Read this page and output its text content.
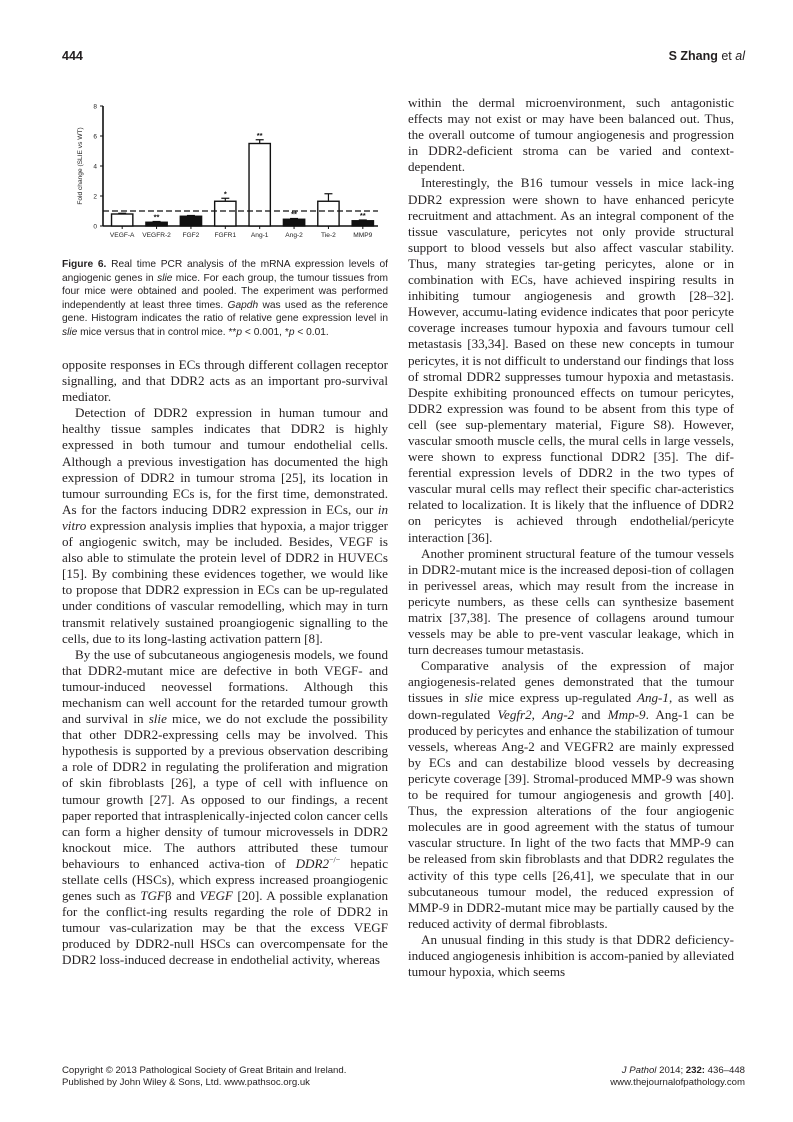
444	S Zhang et al
0
2
4
6
8
Fold change (SLIE vs WT)
VEGF-A VEGFR-2
**
FGF2 FGFR1
*
Ang-1
**
Ang-2
**
Tie-2	MMP9
**
Figure 6. Real time PCR analysis of the mRNA expression levels of angiogenic genes in slie mice. For each group, the tumour tissues from four mice were obtained and pooled. The experiment was performed independently at least three times. Gapdh was used as the reference gene. Histogram indicates the ratio of relative gene expression level in slie mice versus that in control mice. **p < 0.001, *p < 0.01.

opposite responses in ECs through different collagen receptor signalling, and that DDR2 acts as an important pro-survival mediator.

Detection of DDR2 expression in human tumour and healthy tissue samples indicates that DDR2 is highly expressed in both tumour and tumour endothelial cells. Although a previous investigation has documented the high expression of DDR2 in tumour stroma [25], its location in tumour surrounding ECs is, for the first time, demonstrated. As for the factors inducing DDR2 expression in ECs, our in vitro expression analysis implies that hypoxia, a major trigger of angiogenic switch, may be included. Besides, VEGF is also able to stimulate the protein level of DDR2 in HUVECs [15]. By combining these evidences together, we would like to propose that DDR2 expression in ECs can be up-regulated under conditions of vascular remodelling, which may in turn transmit relatively sustained proangiogenic signalling to the cells, due to its long-lasting activation pattern [8].

By the use of subcutaneous angiogenesis models, we found that DDR2-mutant mice are defective in both VEGF- and tumour-induced neovessel formations. Although this mechanism can well account for the retarded tumour growth and survival in slie mice, we do not exclude the possibility that other DDR2-expressing cells may be involved. This hypothesis is supported by a previous observation describing a role of DDR2 in regulating the proliferation and migration of skin fibroblasts [26], a type of cell with influence on tumour growth [27]. As opposed to our findings, a recent paper reported that intrasplenically-injected colon cancer cells can form a higher density of tumour microvessels in DDR2 knockout mice. The authors attributed these tumour behaviours to enhanced activa-tion of DDR2−/− hepatic stellate cells (HSCs), which express increased proangiogenic genes such as TGFβ and VEGF [20]. A possible explanation for the conflict-ing results regarding the role of DDR2 in tumour vas-cularization may be that the excess VEGF produced by DDR2-null HSCs can overcompensate for the DDR2 loss-induced decrease in endothelial activity, whereas

within the dermal microenvironment, such antagonistic effects may not exist or may have been balanced out. Thus, the overall outcome of tumour angiogenesis and progression in DDR2-deficient stroma can be varied and context-dependent.

Interestingly, the B16 tumour vessels in mice lack-ing DDR2 expression were shown to have enhanced pericyte recruitment and attachment. As an integral component of the tissue vasculature, pericytes not only provide structural support to blood vessels but also affect vascular stability. Thus, many strategies tar-geting pericytes, alone or in combination with ECs, have achieved inspiring results in inhibiting tumour angiogenesis and growth [28–32]. However, accumu-lating evidence indicates that poor pericyte coverage increases tumour hypoxia and favours tumour cell metastasis [33,34]. Based on these new concepts in tumour pericytes, it is not difficult to understand our findings that loss of stromal DDR2 suppresses tumour hypoxia and metastasis. Despite exhibiting pronounced effects on tumour pericytes, DDR2 expression was found to be absent from this type of cell (see sup-plementary material, Figure S8). However, vascular smooth muscle cells, the mural cells in large vessels, were shown to express functional DDR2 [35]. The dif-ferential expression levels of DDR2 in the two types of vascular mural cells may reflect their specific char-acteristics related to localization. It is likely that the influence of DDR2 on pericytes is achieved through endothelial/pericyte interaction [36].

Another prominent structural feature of the tumour vessels in DDR2-mutant mice is the increased deposi-tion of collagen in perivessel areas, which may result from the increase in pericyte numbers, as these cells can synthesize basement matrix [37,38]. The presence of collagens around tumour vessels may be able to pre-vent vascular leakage, which in turn decreases tumour metastasis.

Comparative analysis of the expression of major angiogenesis-related genes demonstrated that the tumour tissues in slie mice express up-regulated Ang-1, as well as down-regulated Vegfr2, Ang-2 and Mmp-9. Ang-1 can be produced by pericytes and enhance the stabilization of tumour vessels, whereas Ang-2 and VEGFR2 are mainly expressed by ECs and can destabilize blood vessels by decreasing pericyte coverage [39]. Stromal-produced MMP-9 was shown to be required for tumour angiogenesis and growth [40]. Thus, the expression alterations of the four angiogenic molecules are in good agreement with the status of tumour vascular structure. In light of the two facts that MMP-9 can be released from skin fibroblasts and that DDR2 regulates the activity of this type cells [26,41], we speculate that in our subcutaneous tumour model, the reduced expression of MMP-9 in DDR2-mutant mice may be partially caused by the reduced activity of dermal fibroblasts.

An unusual finding in this study is that DDR2 deficiency-induced angiogenesis inhibition is accom-panied by alleviated tumour hypoxia, which seems

Copyright © 2013 Pathological Society of Great Britain and Ireland.
Published by John Wiley & Sons, Ltd. www.pathsoc.org.uk
J Pathol 2014; 232: 436–448
www.thejournalofpathology.com
